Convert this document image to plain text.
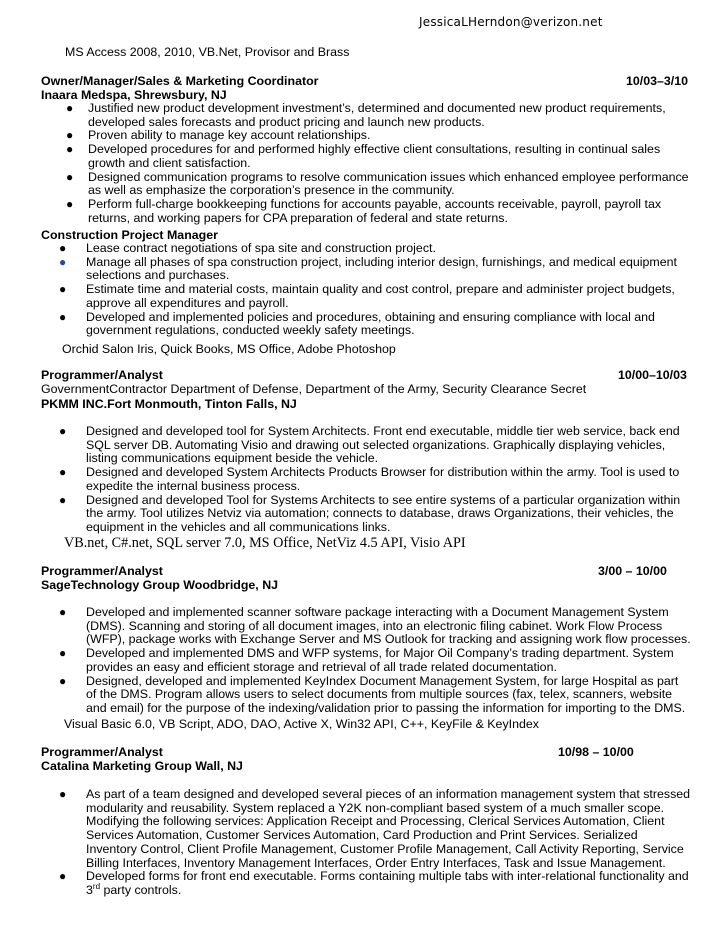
JessicaLHerndon@verizon.net
MS Access 2008, 2010, VB.Net, Provisor and Brass
Owner/Manager/Sales & Marketing Coordinator	10/03–3/10
Inaara Medspa, Shrewsbury, NJ
● Justified new product development investment’s, determined and documented new product requirements, developed sales forecasts and product pricing and launch new products.
● Proven ability to manage key account relationships.
● Developed procedures for and performed highly effective client consultations, resulting in continual sales growth and client satisfaction.
● Designed communication programs to resolve communication issues which enhanced employee performance as well as emphasize the corporation’s presence in the community.
● Perform full-charge bookkeeping functions for accounts payable, accounts receivable, payroll, payroll tax returns, and working papers for CPA preparation of federal and state returns.
Construction Project Manager
● Lease contract negotiations of spa site and construction project.
● Manage all phases of spa construction project, including interior design, furnishings, and medical equipment selections and purchases.
● Estimate time and material costs, maintain quality and cost control, prepare and administer project budgets, approve all expenditures and payroll.
● Developed and implemented policies and procedures, obtaining and ensuring compliance with local and government regulations, conducted weekly safety meetings.
Orchid Salon Iris, Quick Books, MS Office, Adobe Photoshop
Programmer/Analyst	10/00–10/03
GovernmentContractor Department of Defense, Department of the Army, Security Clearance Secret
PKMM INC.Fort Monmouth, Tinton Falls, NJ
● Designed and developed tool for System Architects. Front end executable, middle tier web service, back end SQL server DB. Automating Visio and drawing out selected organizations. Graphically displaying vehicles, listing communications equipment beside the vehicle.
● Designed and developed System Architects Products Browser for distribution within the army. Tool is used to expedite the internal business process.
● Designed and developed Tool for Systems Architects to see entire systems of a particular organization within the army. Tool utilizes Netviz via automation; connects to database, draws Organizations, their vehicles, the equipment in the vehicles and all communications links.
VB.net, C#.net, SQL server 7.0, MS Office, NetViz 4.5 API, Visio API
Programmer/Analyst	3/00 – 10/00
SageTechnology Group Woodbridge, NJ
● Developed and implemented scanner software package interacting with a Document Management System (DMS). Scanning and storing of all document images, into an electronic filing cabinet. Work Flow Process (WFP), package works with Exchange Server and MS Outlook for tracking and assigning work flow processes.
● Developed and implemented DMS and WFP systems, for Major Oil Company’s trading department. System provides an easy and efficient storage and retrieval of all trade related documentation.
● Designed, developed and implemented KeyIndex Document Management System, for large Hospital as part of the DMS. Program allows users to select documents from multiple sources (fax, telex, scanners, website and email) for the purpose of the indexing/validation prior to passing the information for importing to the DMS.
Visual Basic 6.0, VB Script, ADO, DAO, Active X, Win32 API, C++, KeyFile & KeyIndex
Programmer/Analyst	10/98 – 10/00
Catalina Marketing Group Wall, NJ
● As part of a team designed and developed several pieces of an information management system that stressed modularity and reusability. System replaced a Y2K non-compliant based system of a much smaller scope. Modifying the following services: Application Receipt and Processing, Clerical Services Automation, Client Services Automation, Customer Services Automation, Card Production and Print Services. Serialized Inventory Control, Client Profile Management, Customer Profile Management, Call Activity Reporting, Service Billing Interfaces, Inventory Management Interfaces, Order Entry Interfaces, Task and Issue Management.
● Developed forms for front end executable. Forms containing multiple tabs with inter-relational functionality and 3rd party controls.
